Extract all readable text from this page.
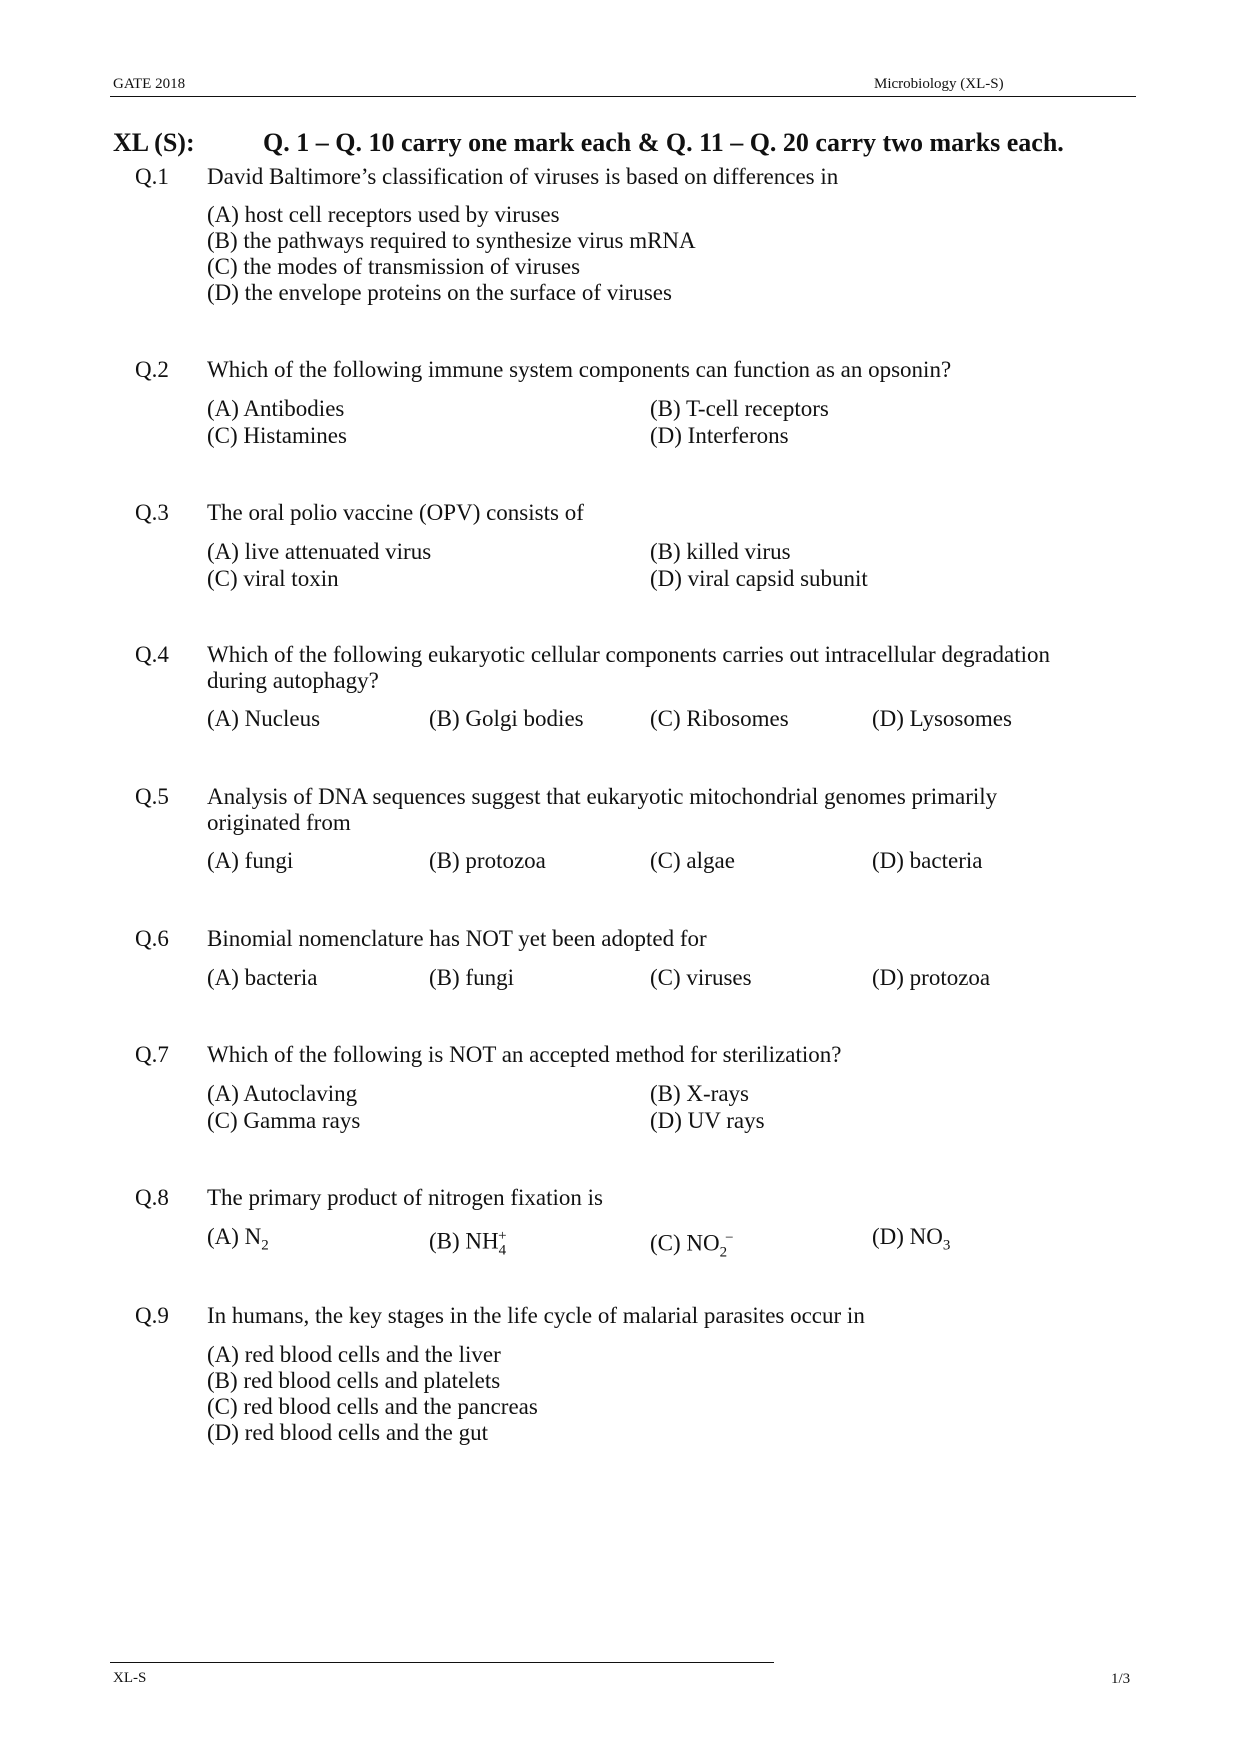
GATE 2018	Microbiology (XL-S)
XL (S):	Q. 1 – Q. 10 carry one mark each & Q. 11 – Q. 20 carry two marks each.
Q.1 David Baltimore’s classification of viruses is based on differences in
(A) host cell receptors used by viruses
(B) the pathways required to synthesize virus mRNA
(C) the modes of transmission of viruses
(D) the envelope proteins on the surface of viruses
Q.2 Which of the following immune system components can function as an opsonin?
(A) Antibodies	(B) T-cell receptors
(C) Histamines	(D) Interferons
Q.3 The oral polio vaccine (OPV) consists of
(A) live attenuated virus	(B) killed virus
(C) viral toxin	(D) viral capsid subunit
Q.4 Which of the following eukaryotic cellular components carries out intracellular degradation
during autophagy?
(A) Nucleus	(B) Golgi bodies	(C) Ribosomes	(D) Lysosomes
Q.5 Analysis of DNA sequences suggest that eukaryotic mitochondrial genomes primarily
originated from
(A) fungi	(B) protozoa	(C) algae	(D) bacteria
Q.6 Binomial nomenclature has NOT yet been adopted for
(A) bacteria	(B) fungi	(C) viruses	(D) protozoa
Q.7 Which of the following is NOT an accepted method for sterilization?
(A) Autoclaving	(B) X-rays
(C) Gamma rays	(D) UV rays
Q.8 The primary product of nitrogen fixation is
(A) $N_2$	(B) $NH_4^+$	(C) $NO_2^-$	(D) $NO_3$
Q.9 In humans, the key stages in the life cycle of malarial parasites occur in
(A) red blood cells and the liver
(B) red blood cells and platelets
(C) red blood cells and the pancreas
(D) red blood cells and the gut
XL-S	1/3
